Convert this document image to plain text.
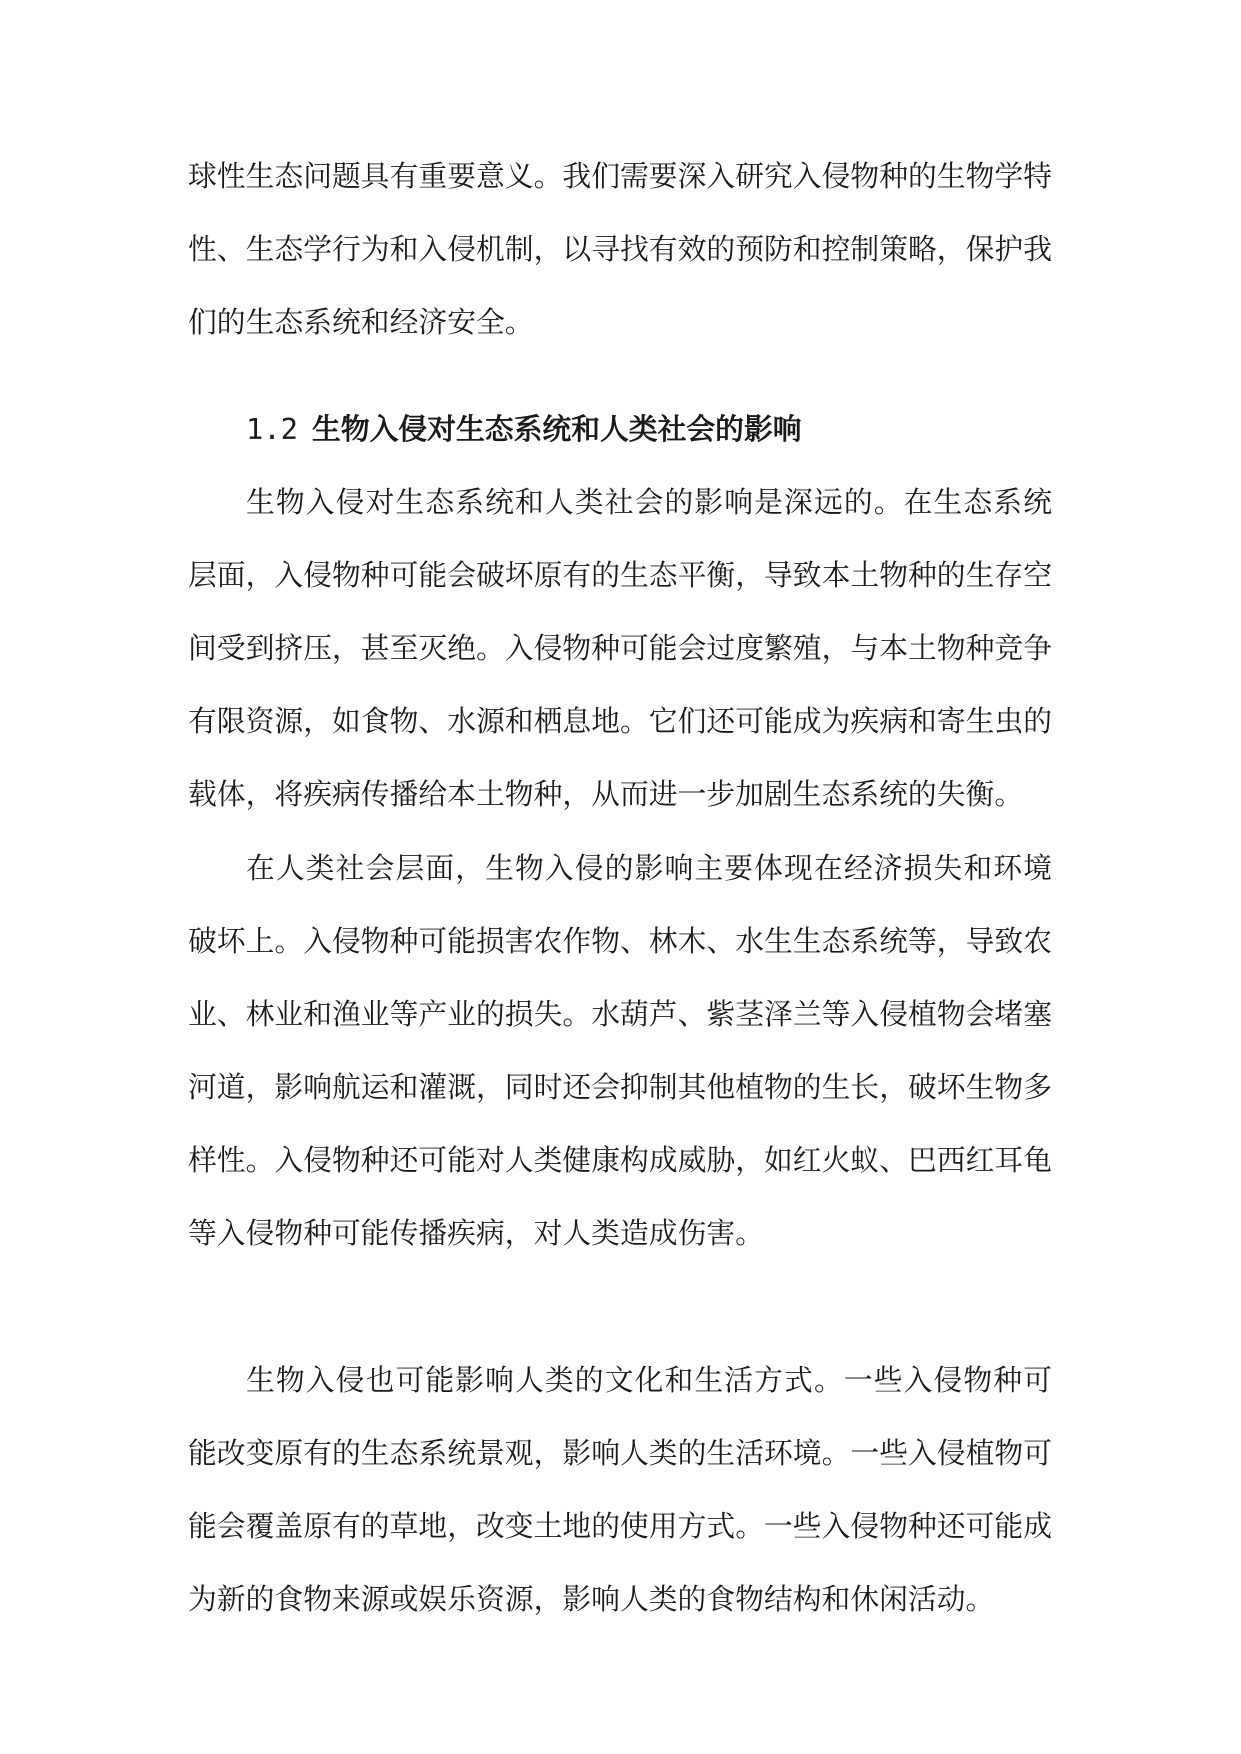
球性生态问题具有重要意义。我们需要深入研究入侵物种的生物学特性、生态学行为和入侵机制，以寻找有效的预防和控制策略，保护我们的生态系统和经济安全。

1.2 生物入侵对生态系统和人类社会的影响

生物入侵对生态系统和人类社会的影响是深远的。在生态系统层面，入侵物种可能会破坏原有的生态平衡，导致本土物种的生存空间受到挤压，甚至灭绝。入侵物种可能会过度繁殖，与本土物种竞争有限资源，如食物、水源和栖息地。它们还可能成为疾病和寄生虫的载体，将疾病传播给本土物种，从而进一步加剧生态系统的失衡。

在人类社会层面，生物入侵的影响主要体现在经济损失和环境破坏上。入侵物种可能损害农作物、林木、水生生态系统等，导致农业、林业和渔业等产业的损失。水葫芦、紫茎泽兰等入侵植物会堵塞河道，影响航运和灌溉，同时还会抑制其他植物的生长，破坏生物多样性。入侵物种还可能对人类健康构成威胁，如红火蚁、巴西红耳龟等入侵物种可能传播疾病，对人类造成伤害。

生物入侵也可能影响人类的文化和生活方式。一些入侵物种可能改变原有的生态系统景观，影响人类的生活环境。一些入侵植物可能会覆盖原有的草地，改变土地的使用方式。一些入侵物种还可能成为新的食物来源或娱乐资源，影响人类的食物结构和休闲活动。
